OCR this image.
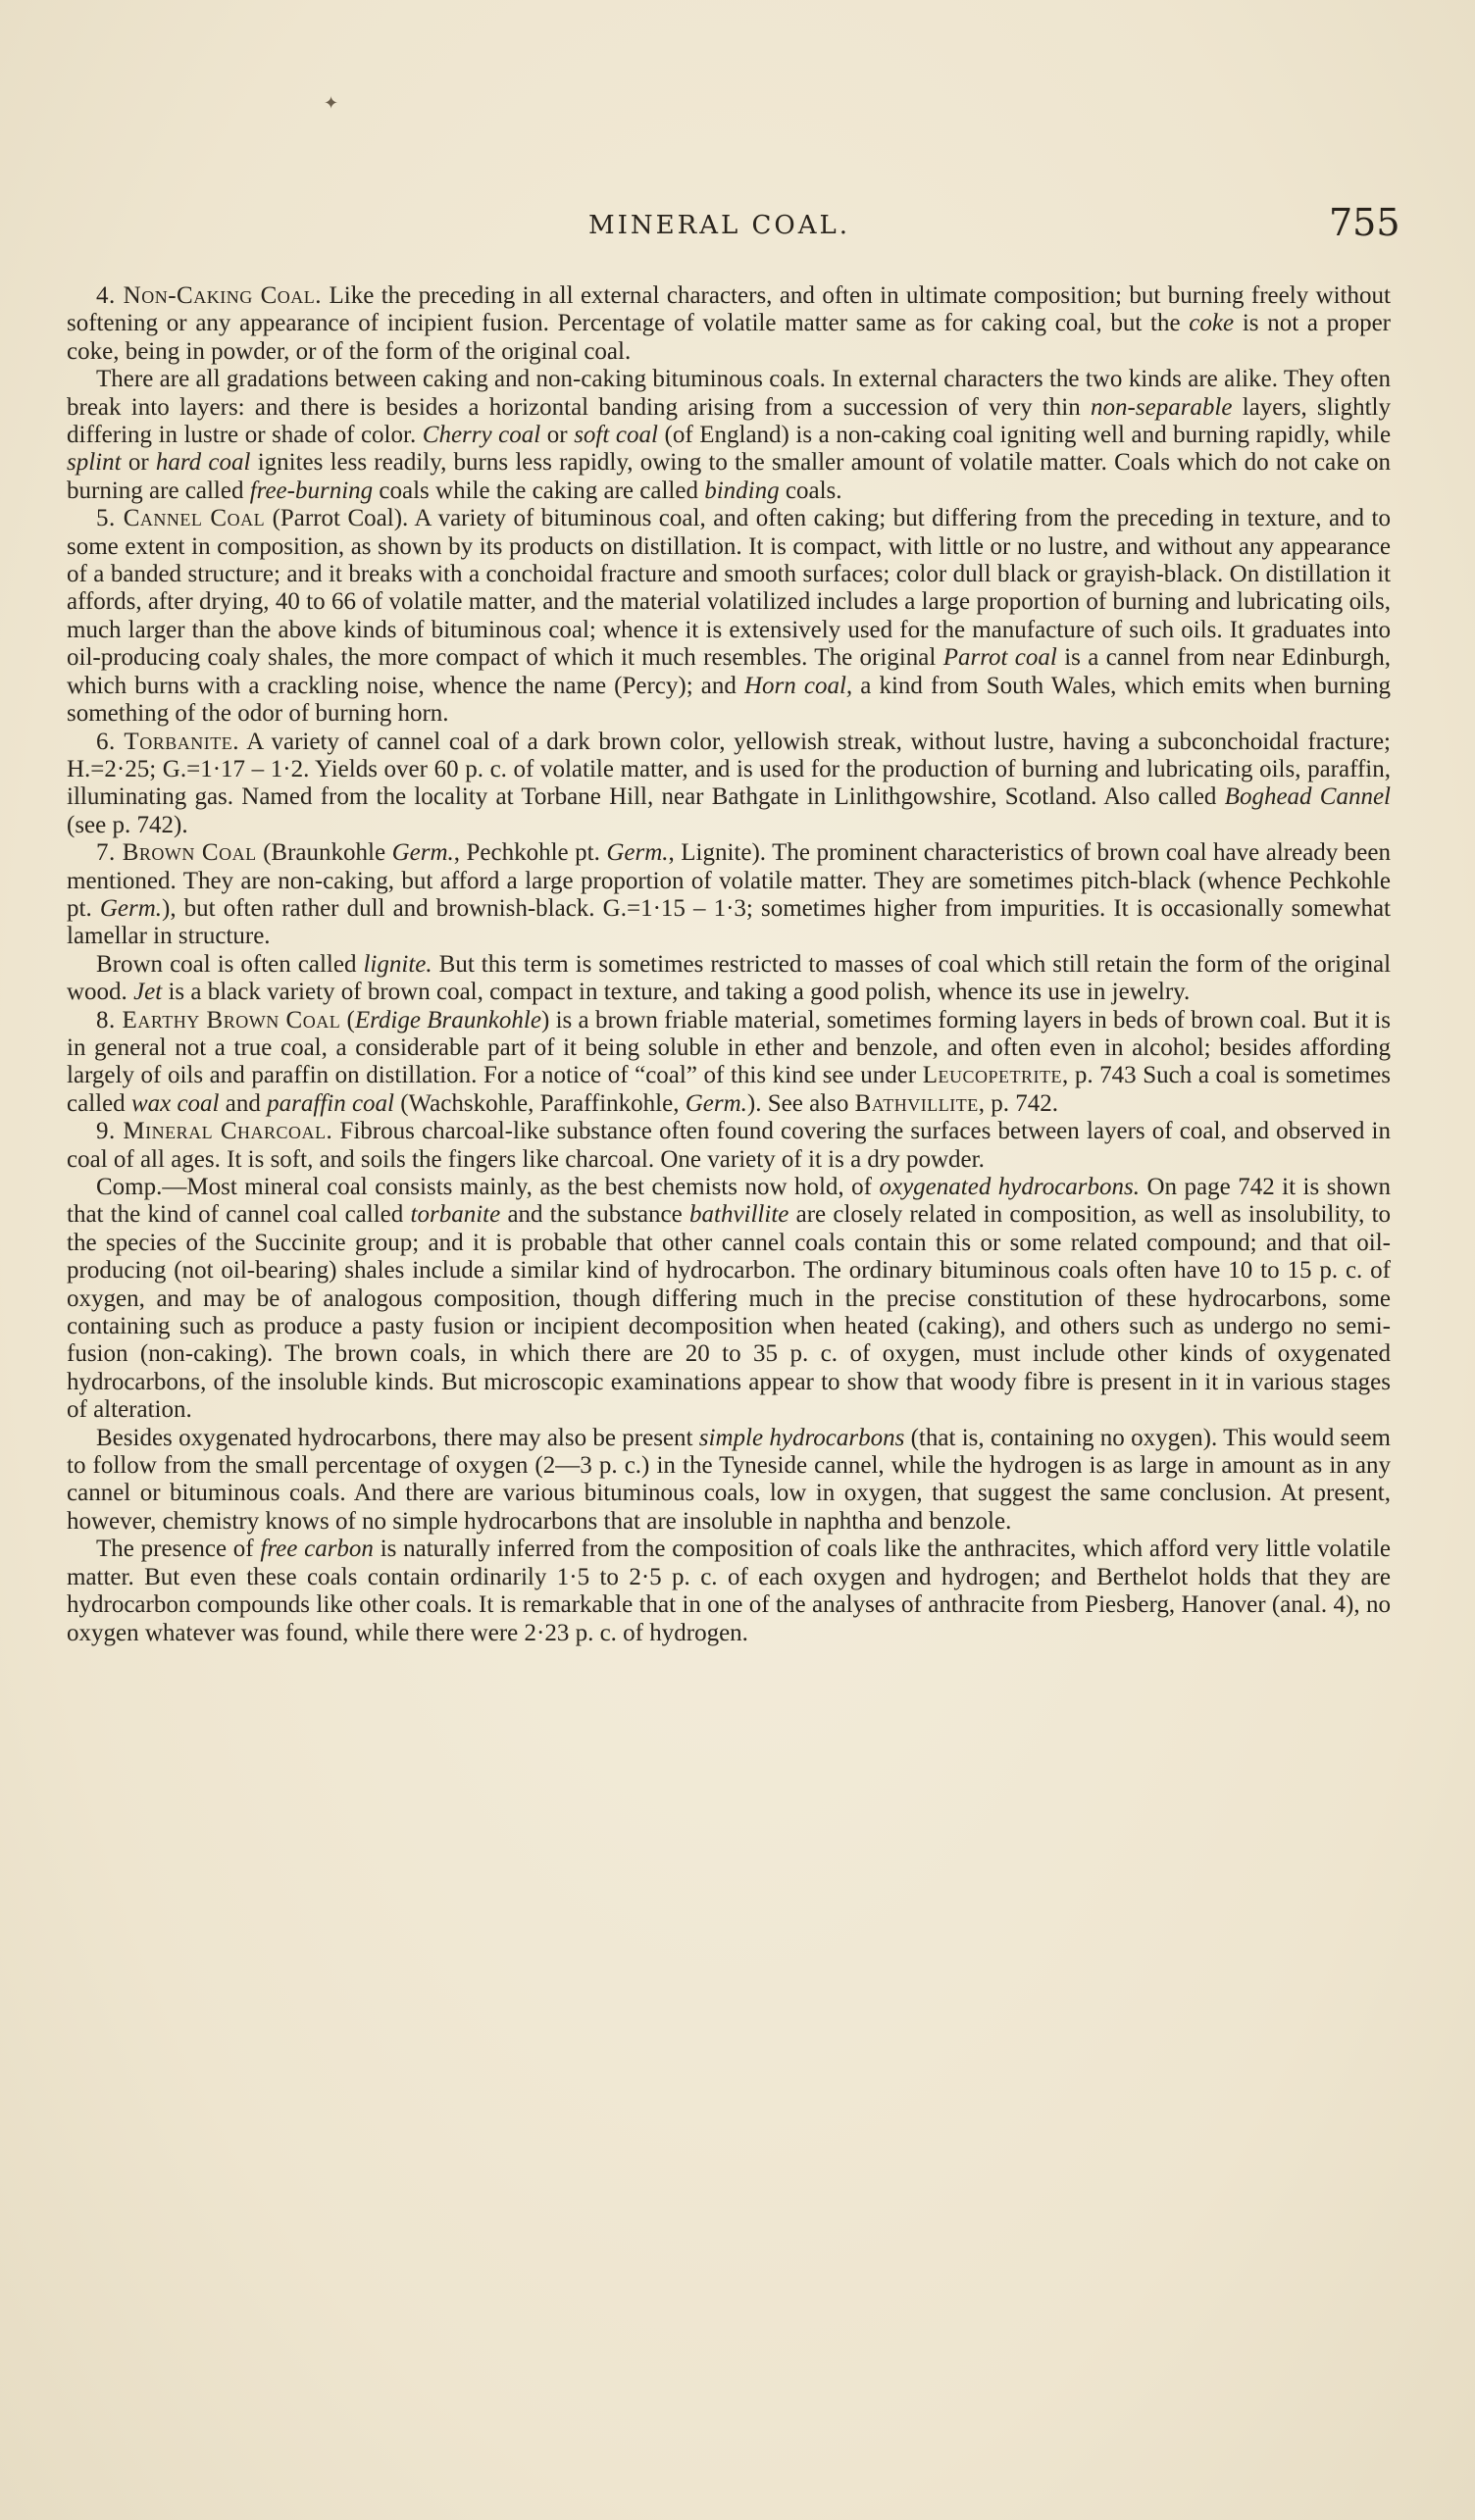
✦
MINERAL COAL.	755

4. Non-Caking Coal. Like the preceding in all external characters, and often in ultimate composition; but burning freely without softening or any appearance of incipient fusion. Percentage of volatile matter same as for caking coal, but the coke is not a proper coke, being in powder, or of the form of the original coal.

There are all gradations between caking and non-caking bituminous coals. In external characters the two kinds are alike. They often break into layers: and there is besides a horizontal banding arising from a succession of very thin non-separable layers, slightly differing in lustre or shade of color. Cherry coal or soft coal (of England) is a non-caking coal igniting well and burning rapidly, while splint or hard coal ignites less readily, burns less rapidly, owing to the smaller amount of volatile matter. Coals which do not cake on burning are called free-burning coals while the caking are called binding coals.

5. Cannel Coal (Parrot Coal). A variety of bituminous coal, and often caking; but differing from the preceding in texture, and to some extent in composition, as shown by its products on distillation. It is compact, with little or no lustre, and without any appearance of a banded structure; and it breaks with a conchoidal fracture and smooth surfaces; color dull black or grayish-black. On distillation it affords, after drying, 40 to 66 of volatile matter, and the material volatilized includes a large proportion of burning and lubricating oils, much larger than the above kinds of bituminous coal; whence it is extensively used for the manufacture of such oils. It graduates into oil-producing coaly shales, the more compact of which it much resembles. The original Parrot coal is a cannel from near Edinburgh, which burns with a crackling noise, whence the name (Percy); and Horn coal, a kind from South Wales, which emits when burning something of the odor of burning horn.

6. Torbanite. A variety of cannel coal of a dark brown color, yellowish streak, without lustre, having a subconchoidal fracture; H.=2·25; G.=1·17 – 1·2. Yields over 60 p. c. of volatile matter, and is used for the production of burning and lubricating oils, paraffin, illuminating gas. Named from the locality at Torbane Hill, near Bathgate in Linlithgowshire, Scotland. Also called Boghead Cannel (see p. 742).

7. Brown Coal (Braunkohle Germ., Pechkohle pt. Germ., Lignite). The prominent characteristics of brown coal have already been mentioned. They are non-caking, but afford a large proportion of volatile matter. They are sometimes pitch-black (whence Pechkohle pt. Germ.), but often rather dull and brownish-black. G.=1·15 – 1·3; sometimes higher from impurities. It is occasionally somewhat lamellar in structure.

Brown coal is often called lignite. But this term is sometimes restricted to masses of coal which still retain the form of the original wood. Jet is a black variety of brown coal, compact in texture, and taking a good polish, whence its use in jewelry.

8. Earthy Brown Coal (Erdige Braunkohle) is a brown friable material, sometimes forming layers in beds of brown coal. But it is in general not a true coal, a considerable part of it being soluble in ether and benzole, and often even in alcohol; besides affording largely of oils and paraffin on distillation. For a notice of “coal” of this kind see under Leucopetrite, p. 743 Such a coal is sometimes called wax coal and paraffin coal (Wachskohle, Paraffinkohle, Germ.). See also Bathvillite, p. 742.

9. Mineral Charcoal. Fibrous charcoal-like substance often found covering the surfaces between layers of coal, and observed in coal of all ages. It is soft, and soils the fingers like charcoal. One variety of it is a dry powder.

Comp.—Most mineral coal consists mainly, as the best chemists now hold, of oxygenated hydrocarbons. On page 742 it is shown that the kind of cannel coal called torbanite and the substance bathvillite are closely related in composition, as well as insolubility, to the species of the Succinite group; and it is probable that other cannel coals contain this or some related compound; and that oil-producing (not oil-bearing) shales include a similar kind of hydrocarbon. The ordinary bituminous coals often have 10 to 15 p. c. of oxygen, and may be of analogous composition, though differing much in the precise constitution of these hydrocarbons, some containing such as produce a pasty fusion or incipient decomposition when heated (caking), and others such as undergo no semi-fusion (non-caking). The brown coals, in which there are 20 to 35 p. c. of oxygen, must include other kinds of oxygenated hydrocarbons, of the insoluble kinds. But microscopic examinations appear to show that woody fibre is present in it in various stages of alteration.

Besides oxygenated hydrocarbons, there may also be present simple hydrocarbons (that is, containing no oxygen). This would seem to follow from the small percentage of oxygen (2—3 p. c.) in the Tyneside cannel, while the hydrogen is as large in amount as in any cannel or bituminous coals. And there are various bituminous coals, low in oxygen, that suggest the same conclusion. At present, however, chemistry knows of no simple hydrocarbons that are insoluble in naphtha and benzole.

The presence of free carbon is naturally inferred from the composition of coals like the anthracites, which afford very little volatile matter. But even these coals contain ordinarily 1·5 to 2·5 p. c. of each oxygen and hydrogen; and Berthelot holds that they are hydrocarbon compounds like other coals. It is remarkable that in one of the analyses of anthracite from Piesberg, Hanover (anal. 4), no oxygen whatever was found, while there were 2·23 p. c. of hydrogen.
